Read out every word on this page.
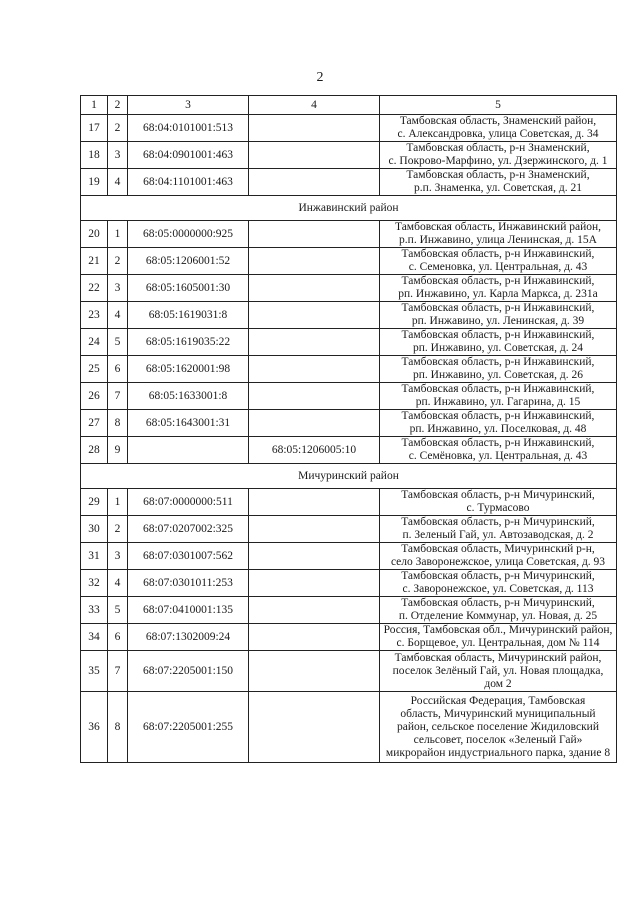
2
1	2	3	4	5
17	2	68:04:0101001:513		Тамбовская область, Знаменский район,
с. Александровка, улица Советская, д. 34

18	3	68:04:0901001:463		Тамбовская область, р-н Знаменский,
с. Покрово-Марфино, ул. Дзержинского, д. 1

19	4	68:04:1101001:463		Тамбовская область, р-н Знаменский,
р.п. Знаменка, ул. Советская, д. 21

Инжавинский район				
20	1	68:05:0000000:925		Тамбовская область, Инжавинский район,
р.п. Инжавино, улица Ленинская, д. 15А

21	2	68:05:1206001:52		Тамбовская область, р-н Инжавинский,
с. Семеновка, ул. Центральная, д. 43

22	3	68:05:1605001:30		Тамбовская область, р-н Инжавинский,
рп. Инжавино, ул. Карла Маркса, д. 231а

23	4	68:05:1619031:8		Тамбовская область, р-н Инжавинский,
рп. Инжавино, ул. Ленинская, д. 39

24	5	68:05:1619035:22		Тамбовская область, р-н Инжавинский,
рп. Инжавино, ул. Советская, д. 24

25	6	68:05:1620001:98		Тамбовская область, р-н Инжавинский,
рп. Инжавино, ул. Советская, д. 26

26	7	68:05:1633001:8		Тамбовская область, р-н Инжавинский,
рп. Инжавино, ул. Гагарина, д. 15

27	8	68:05:1643001:31		Тамбовская область, р-н Инжавинский,
рп. Инжавино, ул. Поселковая, д. 48

28	9		68:05:1206005:10	Тамбовская область, р-н Инжавинский,
с. Семёновка, ул. Центральная, д. 43

Мичуринский район				
29	1	68:07:0000000:511		Тамбовская область, р-н Мичуринский,
с. Турмасово

30	2	68:07:0207002:325		Тамбовская область, р-н Мичуринский,
п. Зеленый Гай, ул. Автозаводская, д. 2

31	3	68:07:0301007:562		Тамбовская область, Мичуринский р-н,
село Заворонежское, улица Советская, д. 93

32	4	68:07:0301011:253		Тамбовская область, р-н Мичуринский,
с. Заворонежское, ул. Советская, д. 113

33	5	68:07:0410001:135		Тамбовская область, р-н Мичуринский,
п. Отделение Коммунар, ул. Новая, д. 25

34	6	68:07:1302009:24		Россия, Тамбовская обл., Мичуринский район,
с. Борщевое, ул. Центральная, дом № 114

35	7	68:07:2205001:150		Тамбовская область, Мичуринский район,
поселок Зелёный Гай, ул. Новая площадка,
дом 2

36	8	68:07:2205001:255		Российская Федерация, Тамбовская
область, Мичуринский муниципальный
район, сельское поселение Жидиловский
сельсовет, поселок «Зеленый Гай»
микрорайон индустриального парка, здание 8
